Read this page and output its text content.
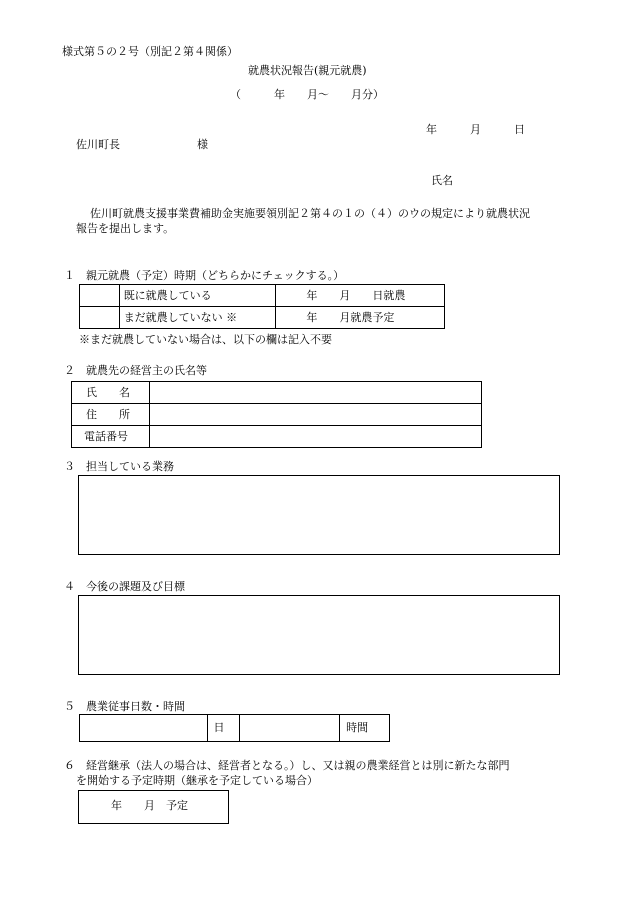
様式第５の２号（別記２第４関係）
就農状況報告(親元就農)
（　　　年　　月～　　月分）
年　　　月　　　日
佐川町長	様
氏名
佐川町就農支援事業費補助金実施要領別記２第４の１の（４）のウの規定により就農状況
報告を提出します。
１　親元就農（予定）時期（どちらかにチェックする。）
	既に就農している	年　　月　　日就農
	まだ就農していない ※	年　　月就農予定
※まだ就農していない場合は、以下の欄は記入不要
２　就農先の経営主の氏名等
氏　　名	
住　　所	
電話番号	
３　担当している業務
４　今後の課題及び目標
５　農業従事日数・時間
	日		時間
６　経営継承（法人の場合は、経営者となる。）し、又は親の農業経営とは別に新たな部門
を開始する予定時期（継承を予定している場合）
年　　月　予定
